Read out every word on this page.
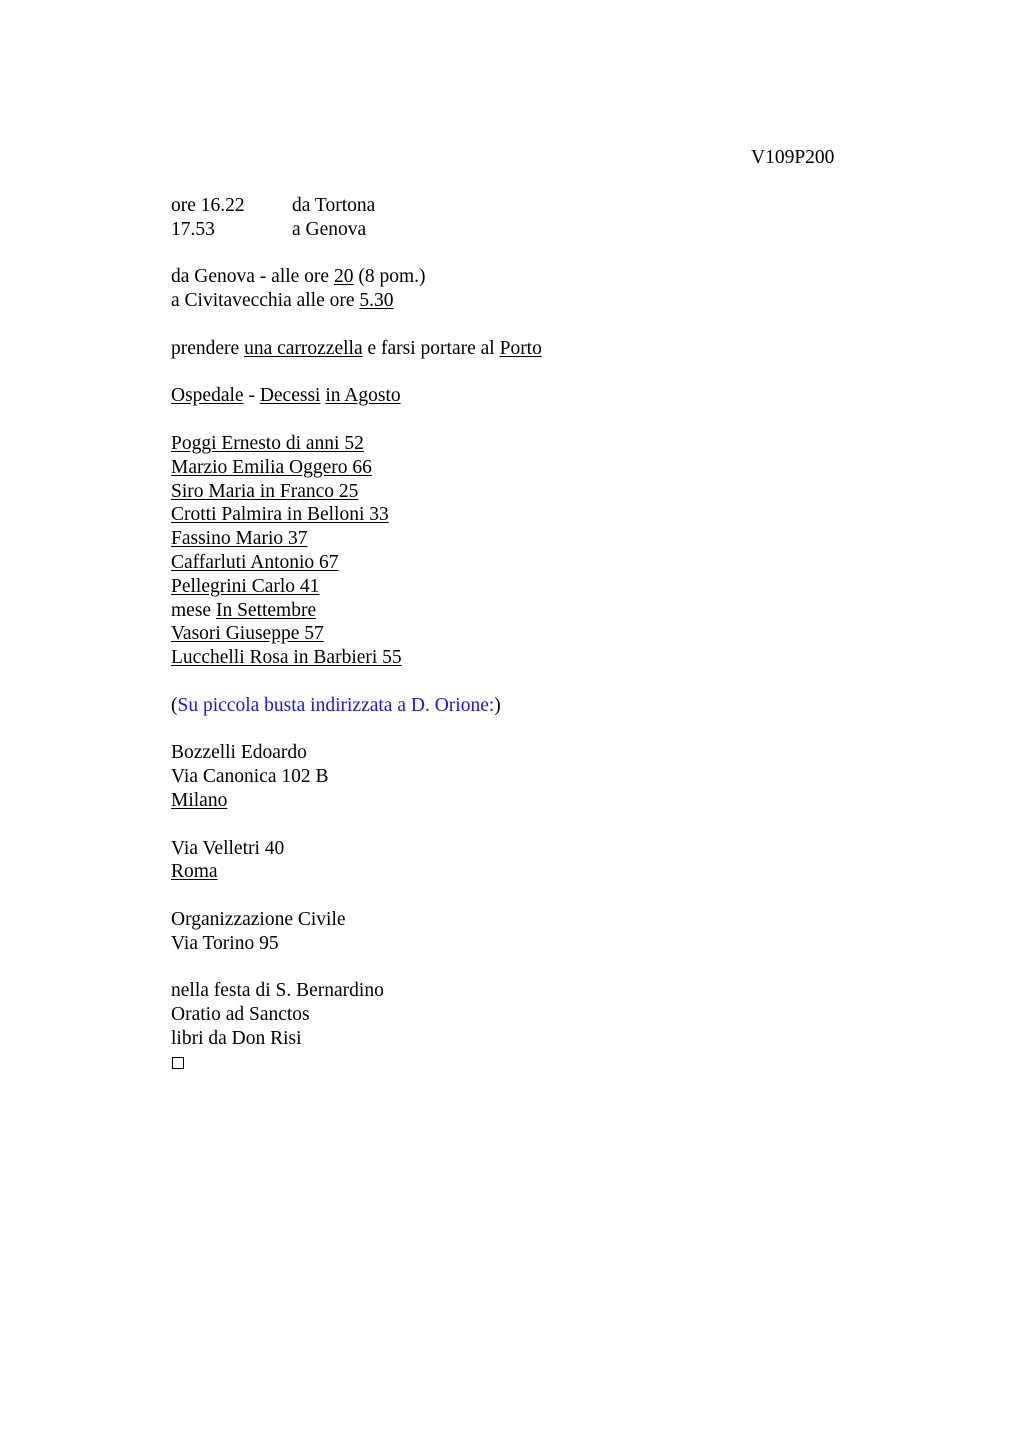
V109P200
ore 16.22 da Tortona
17.53	a Genova
da Genova - alle ore 20 (8 pom.)
a Civitavecchia alle ore 5.30
prendere una carrozzella e farsi portare al Porto
Ospedale - Decessi in Agosto
Poggi Ernesto di anni 52
Marzio Emilia Oggero 66
Siro Maria in Franco 25
Crotti Palmira in Belloni 33
Fassino Mario 37
Caffarluti Antonio 67
Pellegrini Carlo 41
mese In Settembre
Vasori Giuseppe 57
Lucchelli Rosa in Barbieri 55
(Su piccola busta indirizzata a D. Orione:)
Bozzelli Edoardo
Via Canonica 102 B
Milano
Via Velletri 40
Roma
Organizzazione Civile
Via Torino 95
nella festa di S. Bernardino
Oratio ad Sanctos
libri da Don Risi
